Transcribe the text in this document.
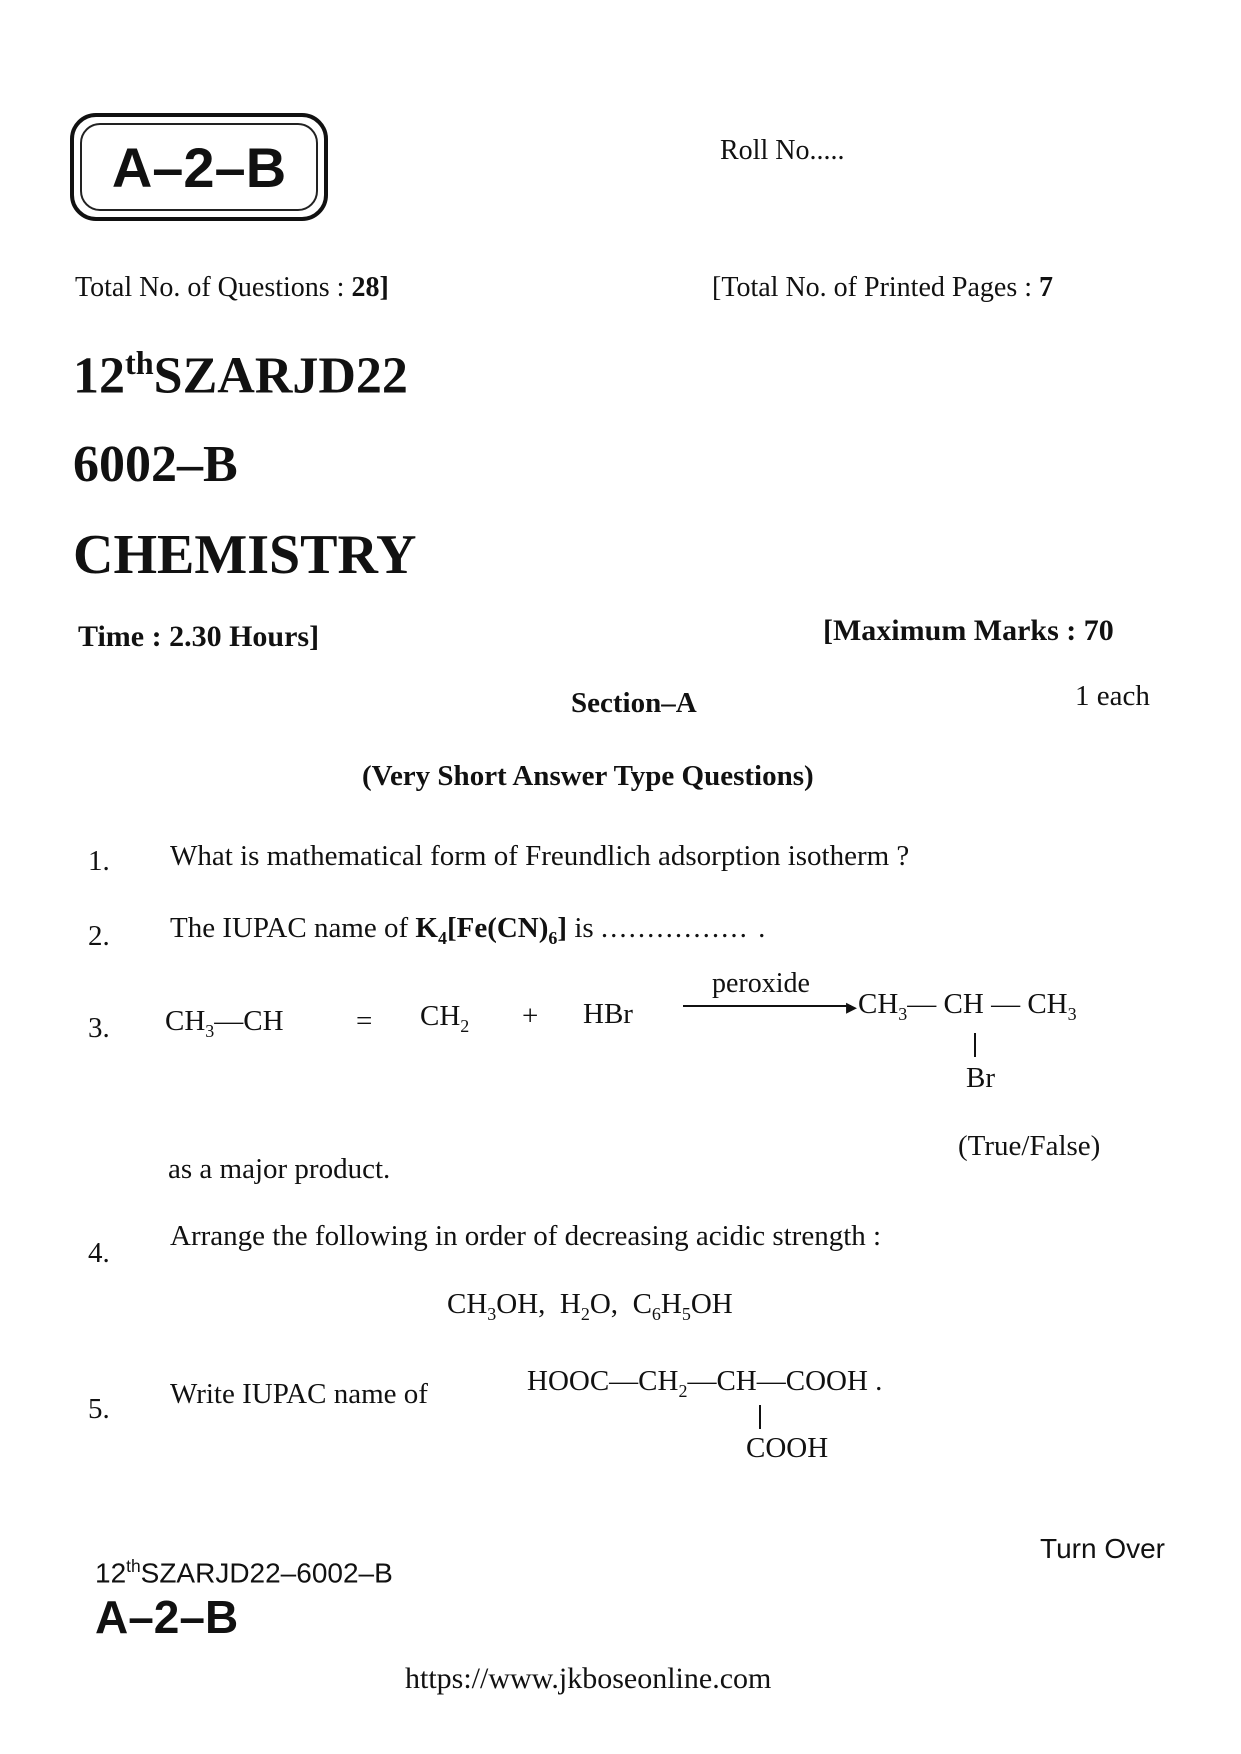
A–2–B	Roll No.....
Total No. of Questions : 28]	[Total No. of Printed Pages : 7
12thSZARJD22
6002–B
CHEMISTRY
Time : 2.30 Hours]	[Maximum Marks : 70
Section–A	1 each
(Very Short Answer Type Questions)
1. What is mathematical form of Freundlich adsorption isotherm ?
2. The IUPAC name of $K_4[Fe(CN)_6]$ is ................ .
3. $CH_3—CH = CH_2$ + HBr
peroxide
▸ $CH_3—$ CH — $CH_3$
Br
as a major product.
(True/False)
4.
Arrange the following in order of decreasing acidic strength :
$CH_3OH$, $H_2O$, $C_6H_5OH$
5. Write IUPAC name of	$HOOC—CH_2—CH—COOH$ .
COOH
12thSZARJD22–6002–B
A–2–B
Turn Over
https://www.jkboseonline.com
